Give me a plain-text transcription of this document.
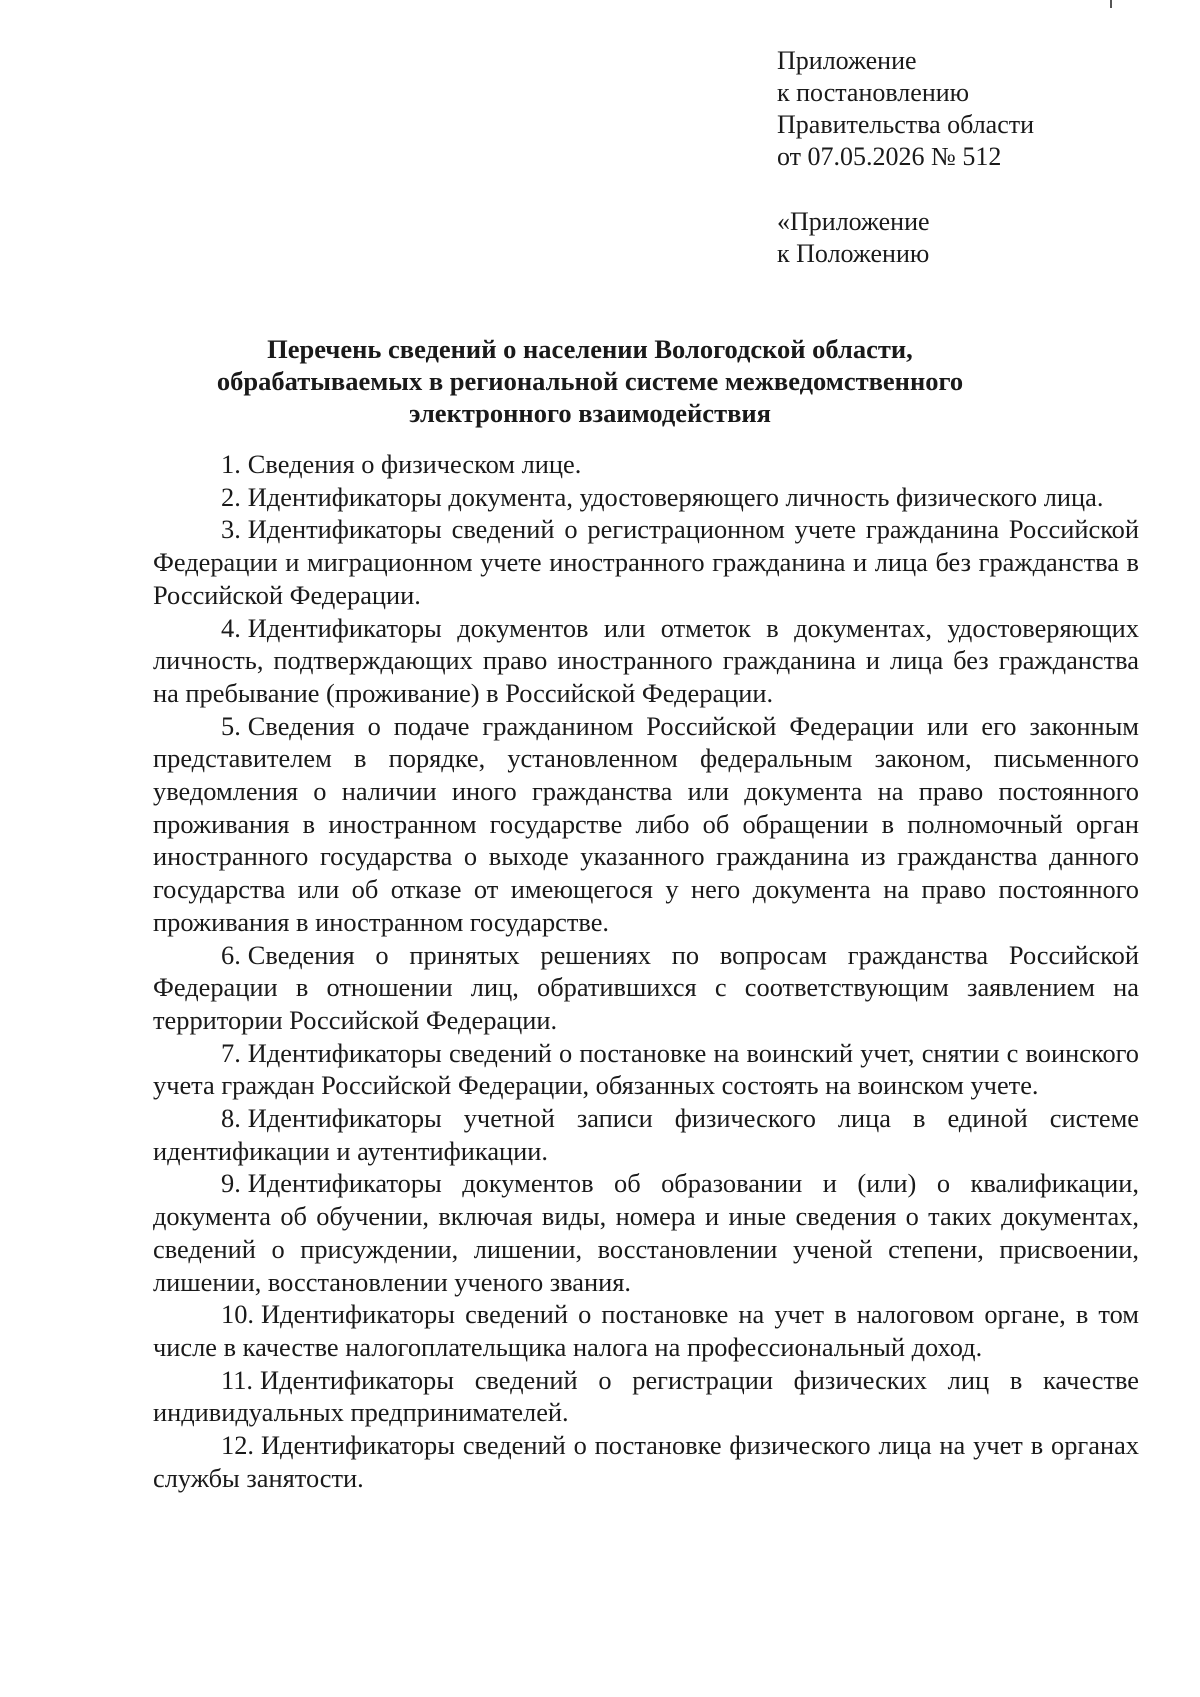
Приложение
к постановлению
Правительства области
от 07.05.2026 № 512
«Приложение
к Положению
Перечень сведений о населении Вологодской области,
обрабатываемых в региональной системе межведомственного
электронного взаимодействия

1. Сведения о физическом лице.

2. Идентификаторы документа, удостоверяющего личность физического лица.

3. Идентификаторы сведений о регистрационном учете гражданина Российской Федерации и миграционном учете иностранного гражданина и лица без гражданства в Российской Федерации.

4. Идентификаторы документов или отметок в документах, удостоверяющих личность, подтверждающих право иностранного гражданина и лица без гражданства на пребывание (проживание) в Российской Федерации.

5. Сведения о подаче гражданином Российской Федерации или его законным представителем в порядке, установленном федеральным законом, письменного уведомления о наличии иного гражданства или документа на право постоянного проживания в иностранном государстве либо об обращении в полномочный орган иностранного государства о выходе указанного гражданина из гражданства данного государства или об отказе от имеющегося у него документа на право постоянного проживания в иностранном государстве.

6. Сведения о принятых решениях по вопросам гражданства Российской Федерации в отношении лиц, обратившихся с соответствующим заявлением на территории Российской Федерации.

7. Идентификаторы сведений о постановке на воинский учет, снятии с воинского учета граждан Российской Федерации, обязанных состоять на воинском учете.

8. Идентификаторы учетной записи физического лица в единой системе идентификации и аутентификации.

9. Идентификаторы документов об образовании и (или) о квалификации, документа об обучении, включая виды, номера и иные сведения о таких документах, сведений о присуждении, лишении, восстановлении ученой степени, присвоении, лишении, восстановлении ученого звания.

10. Идентификаторы сведений о постановке на учет в налоговом органе, в том числе в качестве налогоплательщика налога на профессиональный доход.

11. Идентификаторы сведений о регистрации физических лиц в качестве индивидуальных предпринимателей.

12. Идентификаторы сведений о постановке физического лица на учет в органах службы занятости.
